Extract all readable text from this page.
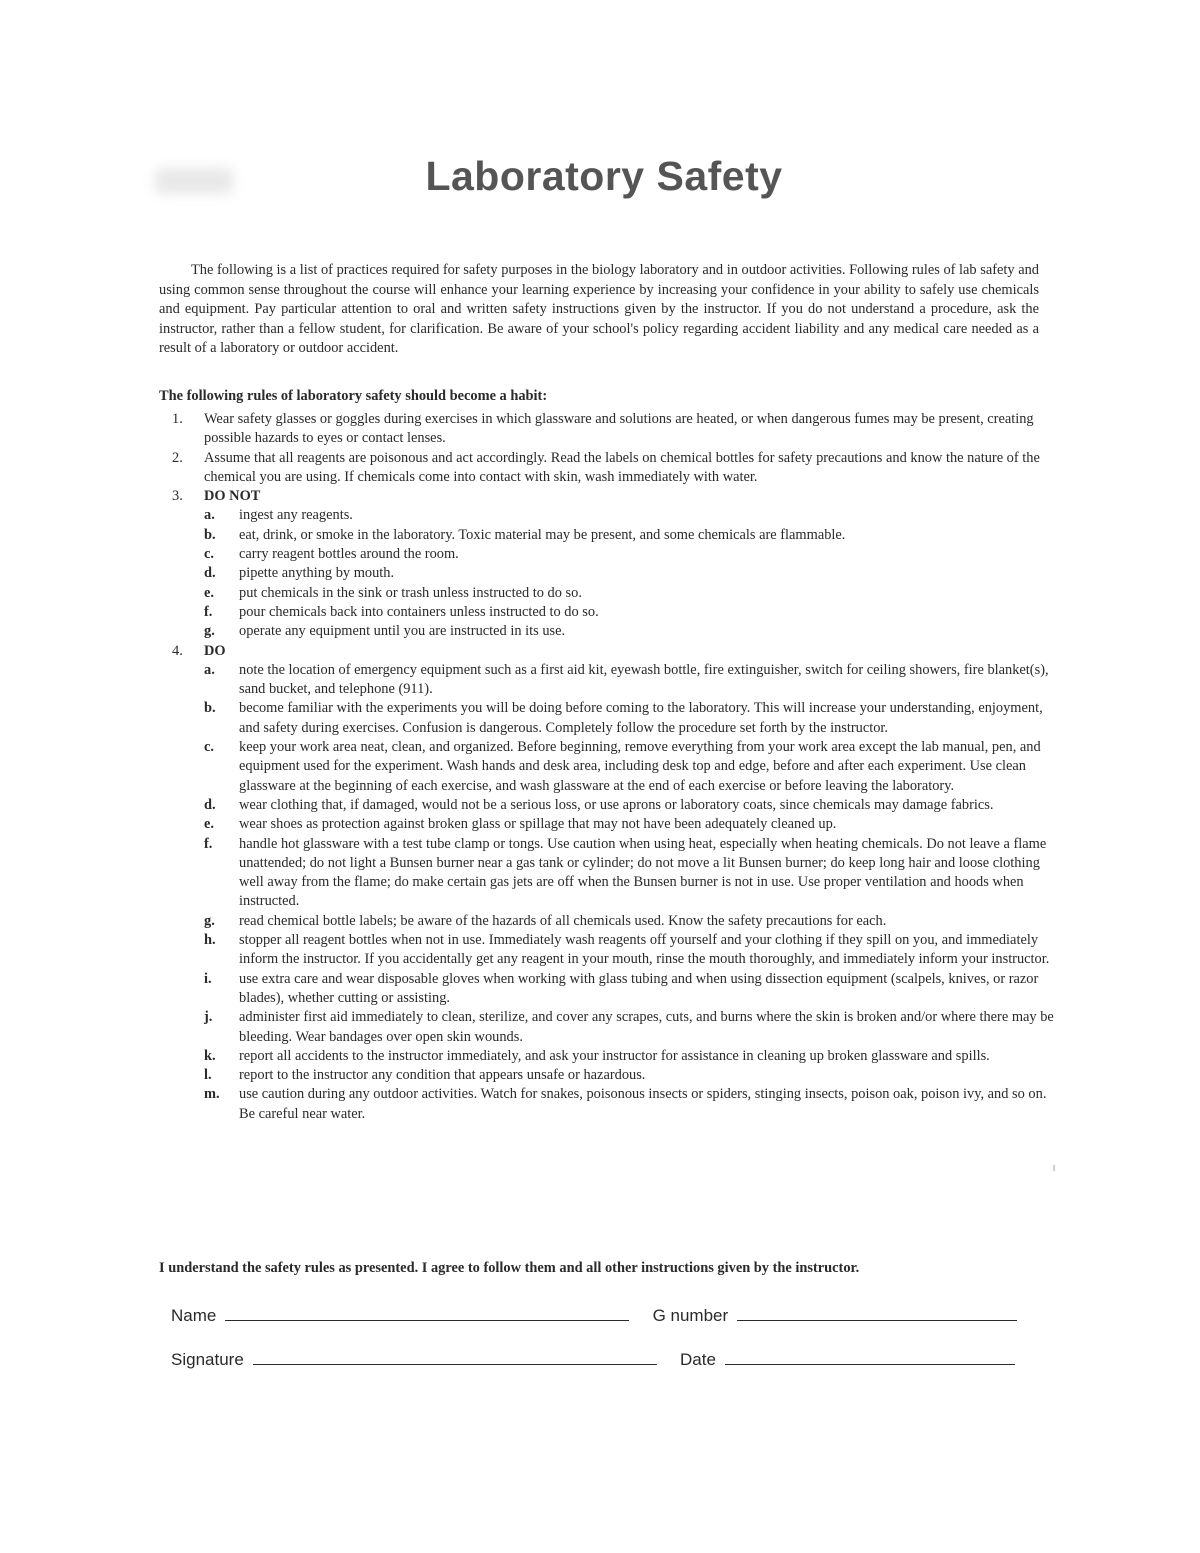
Laboratory Safety

The following is a list of practices required for safety purposes in the biology laboratory and in outdoor activities. Following rules of lab safety and using common sense throughout the course will enhance your learning experience by increasing your confidence in your ability to safely use chemicals and equipment. Pay particular attention to oral and written safety instructions given by the instructor. If you do not understand a procedure, ask the instructor, rather than a fellow student, for clarification. Be aware of your school's policy regarding accident liability and any medical care needed as a result of a laboratory or outdoor accident.

The following rules of laboratory safety should become a habit:

1. Wear safety glasses or goggles during exercises in which glassware and solutions are heated, or when dangerous fumes may be present, creating possible hazards to eyes or contact lenses.
2. Assume that all reagents are poisonous and act accordingly. Read the labels on chemical bottles for safety precautions and know the nature of the chemical you are using. If chemicals come into contact with skin, wash immediately with water.
3. DO NOT
a. ingest any reagents.
b. eat, drink, or smoke in the laboratory. Toxic material may be present, and some chemicals are flammable.
c. carry reagent bottles around the room.
d. pipette anything by mouth.
e. put chemicals in the sink or trash unless instructed to do so.
f. pour chemicals back into containers unless instructed to do so.
g. operate any equipment until you are instructed in its use.
4. DO
a. note the location of emergency equipment such as a first aid kit, eyewash bottle, fire extinguisher, switch for ceiling showers, fire blanket(s), sand bucket, and telephone (911).
b. become familiar with the experiments you will be doing before coming to the laboratory. This will increase your understanding, enjoyment, and safety during exercises. Confusion is dangerous. Completely follow the procedure set forth by the instructor.
c. keep your work area neat, clean, and organized. Before beginning, remove everything from your work area except the lab manual, pen, and equipment used for the experiment. Wash hands and desk area, including desk top and edge, before and after each experiment. Use clean glassware at the beginning of each exercise, and wash glassware at the end of each exercise or before leaving the laboratory.
d. wear clothing that, if damaged, would not be a serious loss, or use aprons or laboratory coats, since chemicals may damage fabrics.
e. wear shoes as protection against broken glass or spillage that may not have been adequately cleaned up.
f. handle hot glassware with a test tube clamp or tongs. Use caution when using heat, especially when heating chemicals. Do not leave a flame unattended; do not light a Bunsen burner near a gas tank or cylinder; do not move a lit Bunsen burner; do keep long hair and loose clothing well away from the flame; do make certain gas jets are off when the Bunsen burner is not in use. Use proper ventilation and hoods when instructed.
g. read chemical bottle labels; be aware of the hazards of all chemicals used. Know the safety precautions for each.
h. stopper all reagent bottles when not in use. Immediately wash reagents off yourself and your clothing if they spill on you, and immediately inform the instructor. If you accidentally get any reagent in your mouth, rinse the mouth thoroughly, and immediately inform your instructor.
i. use extra care and wear disposable gloves when working with glass tubing and when using dissection equipment (scalpels, knives, or razor blades), whether cutting or assisting.
j. administer first aid immediately to clean, sterilize, and cover any scrapes, cuts, and burns where the skin is broken and/or where there may be bleeding. Wear bandages over open skin wounds.
k. report all accidents to the instructor immediately, and ask your instructor for assistance in cleaning up broken glassware and spills.
l. report to the instructor any condition that appears unsafe or hazardous.
m. use caution during any outdoor activities. Watch for snakes, poisonous insects or spiders, stinging insects, poison oak, poison ivy, and so on. Be careful near water.

I understand the safety rules as presented. I agree to follow them and all other instructions given by the instructor.

Name	G number
Signature	Date
